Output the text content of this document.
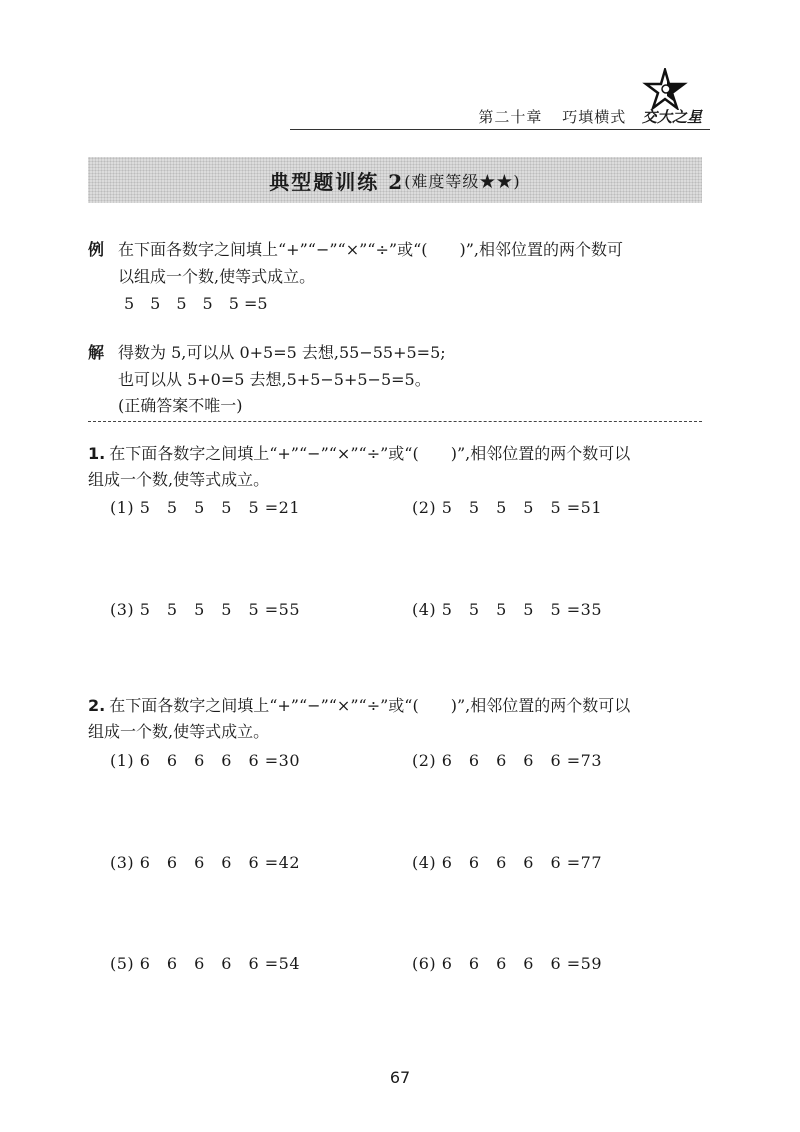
第二十章 巧填横式 交大之星
典型题训练 2 (难度等级★★)
例 在下面各数字之间填上“+”“−”“×”“÷”或“(　　)”,相邻位置的两个数可
以组成一个数,使等式成立。
5　5　5　5　5 =5
解 得数为 5,可以从 0+5=5 去想,55−55+5=5;
也可以从 5+0=5 去想,5+5−5+5−5=5。
(正确答案不唯一)
1. 在下面各数字之间填上“+”“−”“×”“÷”或“(　　)”,相邻位置的两个数可以
组成一个数,使等式成立。
(1) 5　5　5　5　5 =21	(2) 5　5　5　5　5 =51
(3) 5　5　5　5　5 =55	(4) 5　5　5　5　5 =35
2. 在下面各数字之间填上“+”“−”“×”“÷”或“(　　)”,相邻位置的两个数可以
组成一个数,使等式成立。
(1) 6　6　6　6　6 =30	(2) 6　6　6　6　6 =73
(3) 6　6　6　6　6 =42	(4) 6　6　6　6　6 =77
(5) 6　6　6　6　6 =54	(6) 6　6　6　6　6 =59
67
